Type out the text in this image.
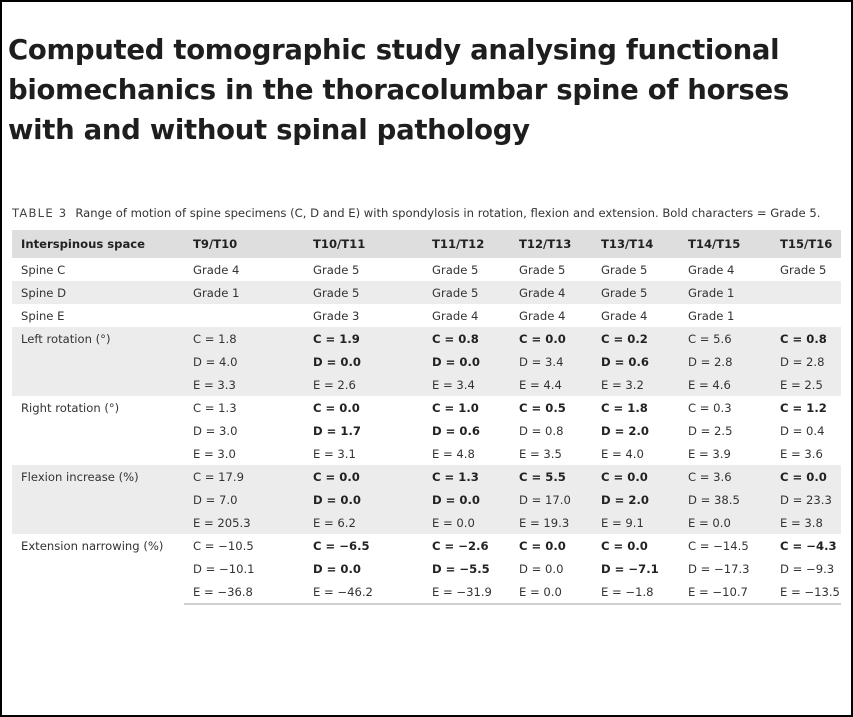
Computed tomographic study analysing functional biomechanics in the thoracolumbar spine of horses with and without spinal pathology
TABLE 3 Range of motion of spine specimens (C, D and E) with spondylosis in rotation, flexion and extension. Bold characters = Grade 5.
Interspinous space	T9/T10	T10/T11	T11/T12	T12/T13	T13/T14	T14/T15	T15/T16
Spine C	Grade 4	Grade 5	Grade 5	Grade 5	Grade 5	Grade 4	Grade 5
Spine D	Grade 1	Grade 5	Grade 5	Grade 4	Grade 5	Grade 1	
Spine E		Grade 3	Grade 4	Grade 4	Grade 4	Grade 1	
Left rotation (°)	C = 1.8	C = 1.9	C = 0.8	C = 0.0	C = 0.2	C = 5.6	C = 0.8
	D = 4.0	D = 0.0	D = 0.0	D = 3.4	D = 0.6	D = 2.8	D = 2.8
	E = 3.3	E = 2.6	E = 3.4	E = 4.4	E = 3.2	E = 4.6	E = 2.5
Right rotation (°)	C = 1.3	C = 0.0	C = 1.0	C = 0.5	C = 1.8	C = 0.3	C = 1.2
	D = 3.0	D = 1.7	D = 0.6	D = 0.8	D = 2.0	D = 2.5	D = 0.4
	E = 3.0	E = 3.1	E = 4.8	E = 3.5	E = 4.0	E = 3.9	E = 3.6
Flexion increase (%)	C = 17.9	C = 0.0	C = 1.3	C = 5.5	C = 0.0	C = 3.6	C = 0.0
	D = 7.0	D = 0.0	D = 0.0	D = 17.0	D = 2.0	D = 38.5	D = 23.3
	E = 205.3	E = 6.2	E = 0.0	E = 19.3	E = 9.1	E = 0.0	E = 3.8
Extension narrowing (%)	C = −10.5	C = −6.5	C = −2.6	C = 0.0	C = 0.0	C = −14.5	C = −4.3
	D = −10.1	D = 0.0	D = −5.5	D = 0.0	D = −7.1	D = −17.3	D = −9.3
	E = −36.8	E = −46.2	E = −31.9	E = 0.0	E = −1.8	E = −10.7	E = −13.5
